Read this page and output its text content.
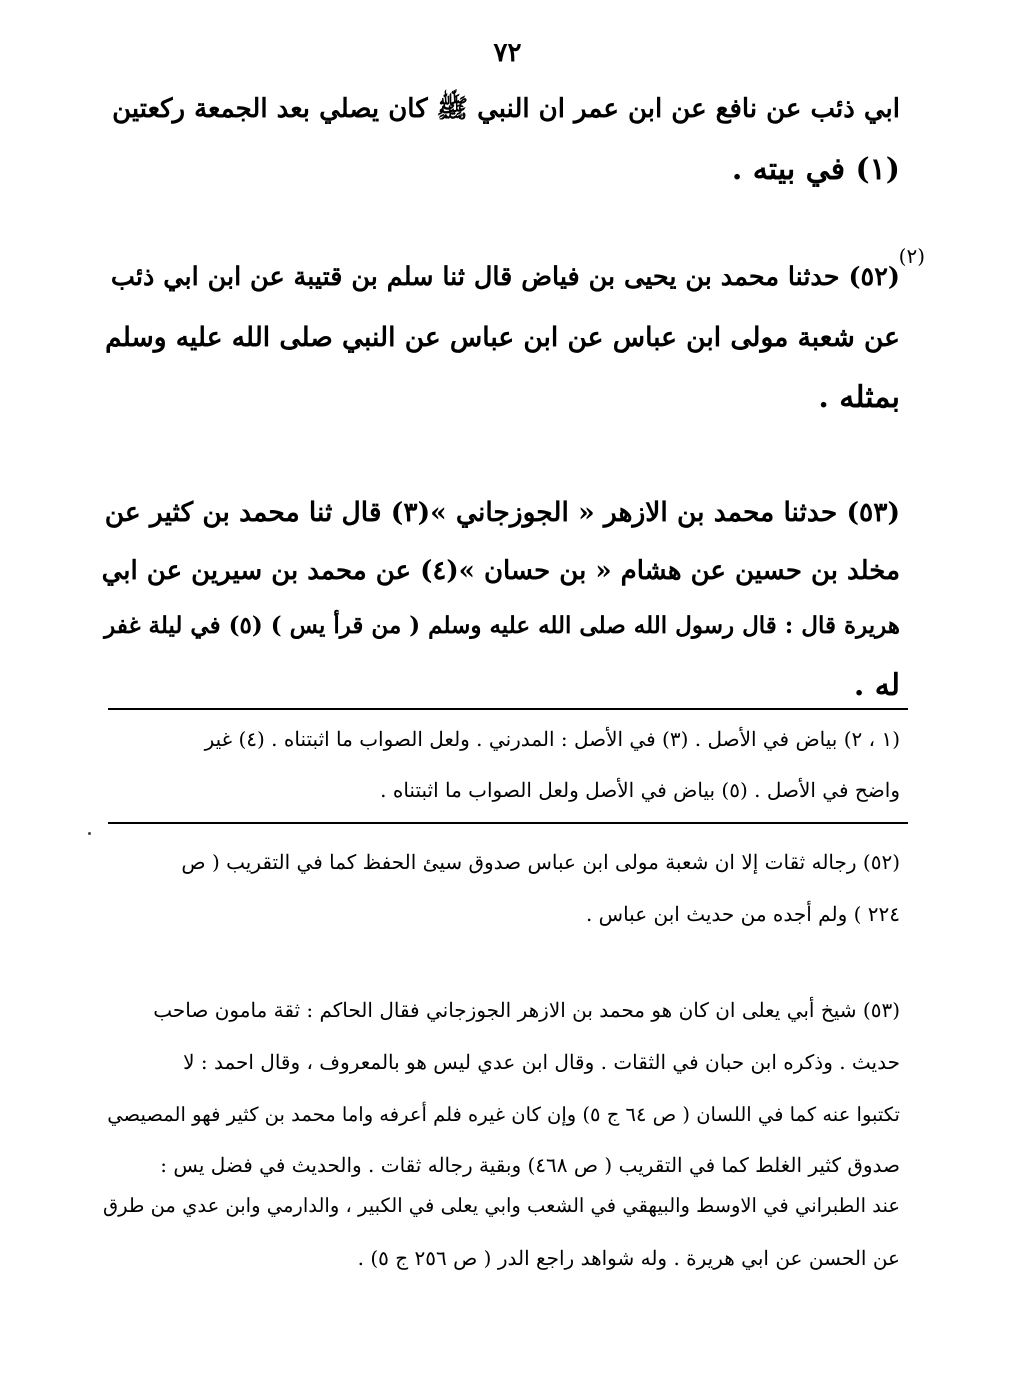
٧٢
ابي ذئب عن نافع عن ابن عمر ان النبي ﷺ كان يصلي بعد الجمعة ركعتين
(١) في بيته .
(٢)
(٥٢) حدثنا محمد بن يحيى بن فياض قال ثنا سلم بن قتيبة عن ابن ابي ذئب
عن شعبة مولى ابن عباس عن ابن عباس عن النبي صلى الله عليه وسلم
بمثله .
(٥٣) حدثنا محمد بن الازهر « الجوزجاني »(٣) قال ثنا محمد بن كثير عن
مخلد بن حسين عن هشام « بن حسان »(٤) عن محمد بن سيرين عن ابي
هريرة قال : قال رسول الله صلى الله عليه وسلم ( من قرأ يس ) (٥) في ليلة غفر
له .
(١ ، ٢) بياض في الأصل . (٣) في الأصل : المدرني . ولعل الصواب ما اثبتناه . (٤) غير
واضح في الأصل . (٥) بياض في الأصل ولعل الصواب ما اثبتناه .
(٥٢) رجاله ثقات إلا ان شعبة مولى ابن عباس صدوق سيئ الحفظ كما في التقريب ( ص
٢٢٤ ) ولم أجده من حديث ابن عباس .
(٥٣) شيخ أبي يعلى ان كان هو محمد بن الازهر الجوزجاني فقال الحاكم : ثقة مامون صاحب
حديث . وذكره ابن حبان في الثقات . وقال ابن عدي ليس هو بالمعروف ، وقال احمد : لا
تكتبوا عنه كما في اللسان ( ص ٦٤ ج ٥) وإن كان غيره فلم أعرفه واما محمد بن كثير فهو المصيصي
صدوق كثير الغلط كما في التقريب ( ص ٤٦٨) وبقية رجاله ثقات . والحديث في فضل يس :
عند الطبراني في الاوسط والبيهقي في الشعب وابي يعلى في الكبير ، والدارمي وابن عدي من طرق
عن الحسن عن ابي هريرة . وله شواهد راجع الدر ( ص ٢٥٦ ج ٥) .
